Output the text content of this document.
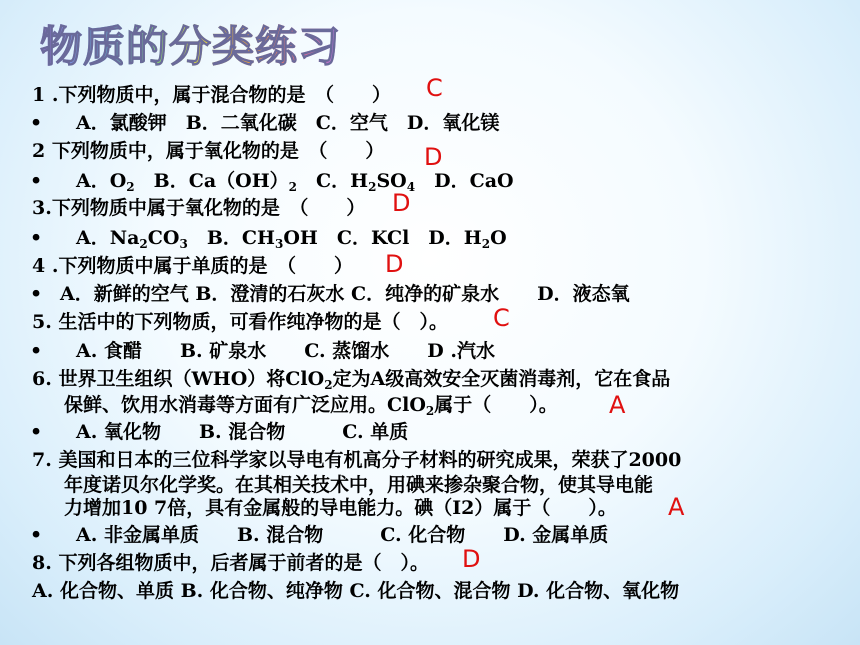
物质的分类练习
1 .下列物质中，属于混合物的是　（　　） C
• A．氯酸钾　B．二氧化碳　C．空气　D．氧化镁
2 下列物质中，属于氧化物的是　（　　） D
• A．$O_2$　B．$Ca(OH)_2$　C．$H_2SO_4$　D．CaO
3.下列物质中属于氧化物的是　（　　） D
• A．$Na_2CO_3$　B．$CH_3OH$　C．KCl　D．$H_2O$
4 .下列物质中属于单质的是　（　　） D
• A．新鲜的空气 B．澄清的石灰水 C．纯净的矿泉水　　D．液态氧
5. 生活中的下列物质，可看作纯净物的是（　）。 C
• A. 食醋　　B. 矿泉水　　C. 蒸馏水　　D .汽水
6. 世界卫生组织（WHO）将ClO$_2$定为A级高效安全灭菌消毒剂，它在食品
保鲜、饮用水消毒等方面有广泛应用。ClO$_2$属于（　　）。 A
• A. 氧化物　　B. 混合物　　　C. 单质
7. 美国和日本的三位科学家以导电有机高分子材料的研究成果，荣获了2000
年度诺贝尔化学奖。在其相关技术中，用碘来掺杂聚合物，使其导电能
力增加10 7倍，具有金属般的导电能力。碘（I2）属于（　　）。 A
• A. 非金属单质　　B. 混合物　　　C. 化合物　　D. 金属单质
8. 下列各组物质中，后者属于前者的是（　）。 D
A. 化合物、单质 B. 化合物、纯净物 C. 化合物、混合物 D. 化合物、氧化物
